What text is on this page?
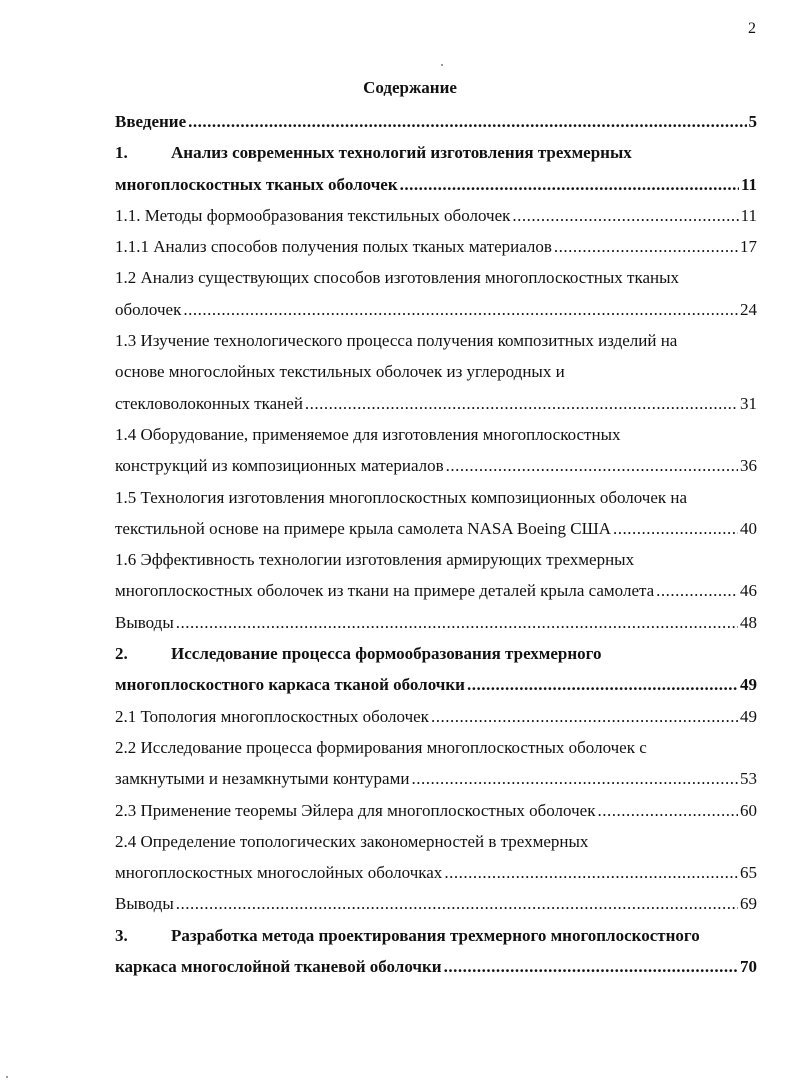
2
Содержание
Введение .....	5
1.	Анализ современных технологий изготовления трехмерных
многоплоскостных тканых оболочек .....	11
1.1. Методы формообразования текстильных оболочек .....	11
1.1.1 Анализ способов получения полых тканых материалов .....	17
1.2 Анализ существующих способов изготовления многоплоскостных тканых
оболочек .....	24
1.3 Изучение технологического процесса получения композитных изделий на
основе многослойных текстильных оболочек из углеродных и
стекловолоконных тканей .....	31
1.4 Оборудование, применяемое для изготовления многоплоскостных
конструкций из композиционных материалов .....	36
1.5 Технология изготовления многоплоскостных композиционных оболочек на
текстильной основе на примере крыла самолета NASA Boeing США .....	40
1.6 Эффективность технологии изготовления армирующих трехмерных
многоплоскостных оболочек из ткани на примере деталей крыла самолета .....	46
Выводы .....	48
2.	Исследование процесса формообразования трехмерного
многоплоскостного каркаса тканой оболочки .....	49
2.1 Топология многоплоскостных оболочек .....	49
2.2 Исследование процесса формирования многоплоскостных оболочек с
замкнутыми и незамкнутыми контурами .....	53
2.3 Применение теоремы Эйлера для многоплоскостных оболочек .....	60
2.4 Определение топологических закономерностей в трехмерных
многоплоскостных многослойных оболочках .....	65
Выводы .....	69
3.	Разработка метода проектирования трехмерного многоплоскостного
каркаса многослойной тканевой оболочки .....	70
